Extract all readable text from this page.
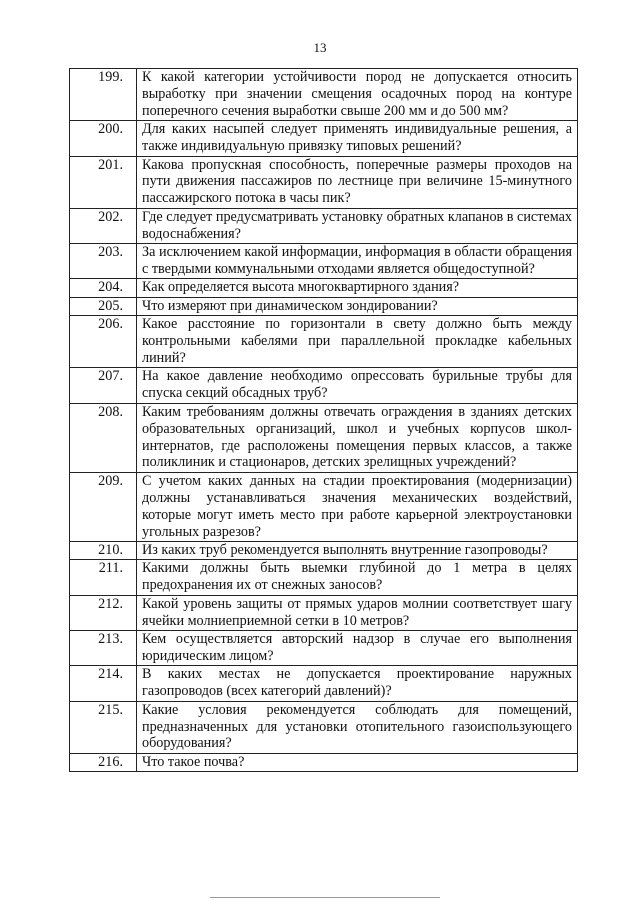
13
199.	К какой категории устойчивости пород не допускается относить выработку при значении смещения осадочных пород на контуре поперечного сечения выработки свыше 200 мм и до 500 мм?
200.	Для каких насыпей следует применять индивидуальные решения, а также индивидуальную привязку типовых решений?
201.	Какова пропускная способность, поперечные размеры проходов на пути движения пассажиров по лестнице при величине 15-минутного пассажирского потока в часы пик?
202.	Где следует предусматривать установку обратных клапанов в системах водоснабжения?
203.	За исключением какой информации, информация в области обращения с твердыми коммунальными отходами является общедоступной?
204.	Как определяется высота многоквартирного здания?
205.	Что измеряют при динамическом зондировании?
206.	Какое расстояние по горизонтали в свету должно быть между контрольными кабелями при параллельной прокладке кабельных линий?
207.	На какое давление необходимо опрессовать бурильные трубы для спуска секций обсадных труб?
208.	Каким требованиям должны отвечать ограждения в зданиях детских образовательных организаций, школ и учебных корпусов школ-интернатов, где расположены помещения первых классов, а также поликлиник и стационаров, детских зрелищных учреждений?
209.	С учетом каких данных на стадии проектирования (модернизации) должны устанавливаться значения механических воздействий, которые могут иметь место при работе карьерной электроустановки угольных разрезов?
210.	Из каких труб рекомендуется выполнять внутренние газопроводы?
211.	Какими должны быть выемки глубиной до 1 метра в целях предохранения их от снежных заносов?
212.	Какой уровень защиты от прямых ударов молнии соответствует шагу ячейки молниеприемной сетки в 10 метров?
213.	Кем осуществляется авторский надзор в случае его выполнения юридическим лицом?
214.	В каких местах не допускается проектирование наружных газопроводов (всех категорий давлений)?
215.	Какие условия рекомендуется соблюдать для помещений, предназначенных для установки отопительного газоиспользующего оборудования?
216.	Что такое почва?
